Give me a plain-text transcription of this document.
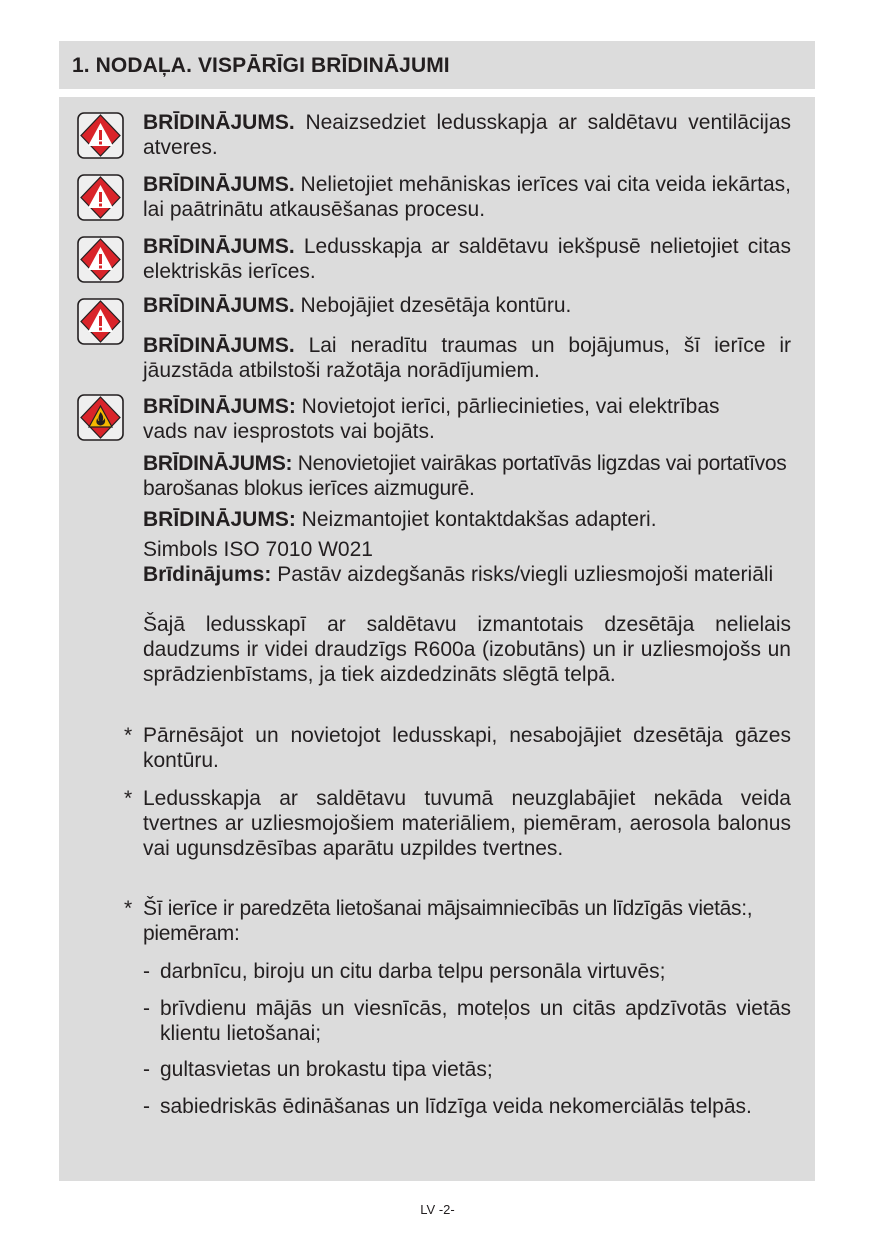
1. NODAĻA. VISPĀRĪGI BRĪDINĀJUMI
BRĪDINĀJUMS. Neaizsedziet ledusskapja ar saldētavu ventilācijas atveres.
BRĪDINĀJUMS. Nelietojiet mehāniskas ierīces vai cita veida iekārtas, lai paātrinātu atkausēšanas procesu.
BRĪDINĀJUMS. Ledusskapja ar saldētavu iekšpusē nelietojiet citas elektriskās ierīces.
BRĪDINĀJUMS. Nebojājiet dzesētāja kontūru.
BRĪDINĀJUMS. Lai neradītu traumas un bojājumus, šī ierīce ir jāuzstāda atbilstoši ražotāja norādījumiem.
BRĪDINĀJUMS: Novietojot ierīci, pārliecinieties, vai elektrības vads nav iesprostots vai bojāts.
BRĪDINĀJUMS: Nenovietojiet vairākas portatīvās ligzdas vai portatīvos barošanas blokus ierīces aizmugurē.
BRĪDINĀJUMS: Neizmantojiet kontaktdakšas adapteri.
Simbols ISO 7010 W021
Brīdinājums: Pastāv aizdegšanās risks/viegli uzliesmojoši materiāli
Šajā ledusskapī ar saldētavu izmantotais dzesētāja nelielais daudzums ir videi draudzīgs R600a (izobutāns) un ir uzliesmojošs un sprādzienbīstams, ja tiek aizdedzināts slēgtā telpā.
* Pārnēsājot un novietojot ledusskapi, nesabojājiet dzesētāja gāzes kontūru.
* Ledusskapja ar saldētavu tuvumā neuzglabājiet nekāda veida tvertnes ar uzliesmojošiem materiāliem, piemēram, aerosola balonus vai ugunsdzēsības aparātu uzpildes tvertnes.
* Šī ierīce ir paredzēta lietošanai mājsaimniecībās un līdzīgās vietās:, piemēram:
- darbnīcu, biroju un citu darba telpu personāla virtuvēs;
- brīvdienu mājās un viesnīcās, moteļos un citās apdzīvotās vietās klientu lietošanai;
- gultasvietas un brokastu tipa vietās;
- sabiedriskās ēdināšanas un līdzīga veida nekomerciālās telpās.
LV -2-
